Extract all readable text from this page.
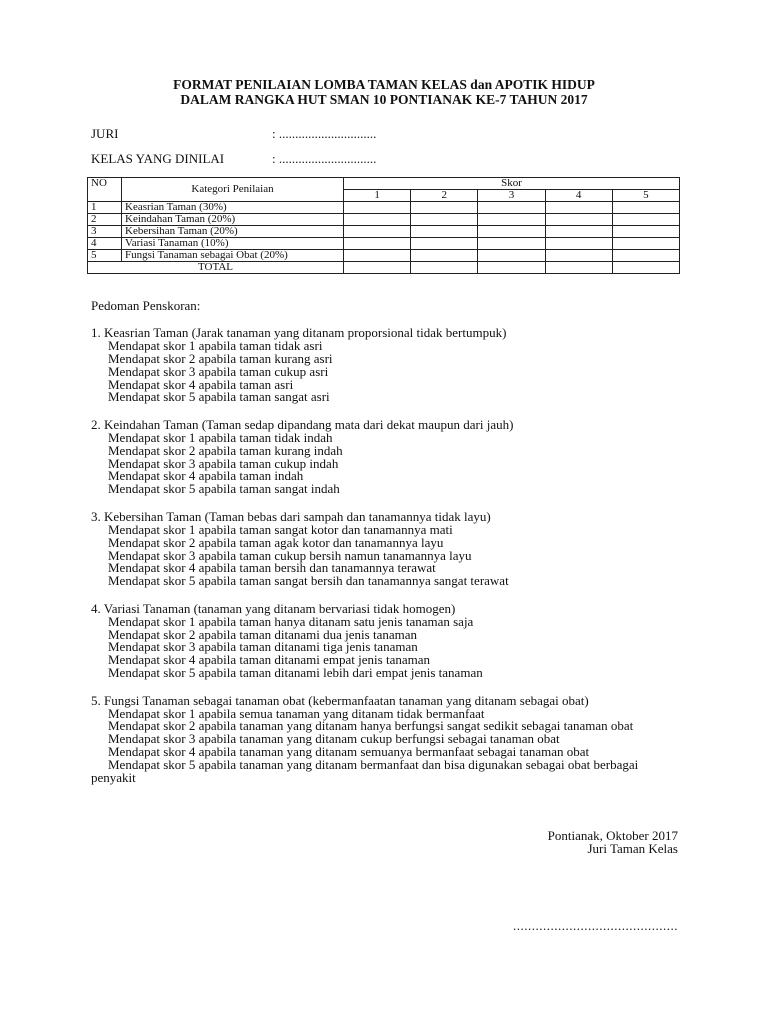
FORMAT PENILAIAN LOMBA TAMAN KELAS dan APOTIK HIDUP
DALAM RANGKA HUT SMAN 10 PONTIANAK KE-7 TAHUN 2017
JURI	: ..............................
KELAS YANG DINILAI	: ..............................
NO	Kategori Penilaian	Skor				
		1	2	3	4	5
1	Keasrian Taman (30%)					
2	Keindahan Taman (20%)					
3	Kebersihan Taman (20%)					
4	Variasi Tanaman (10%)					
5	Fungsi Tanaman sebagai Obat (20%)					
TOTAL						
Pedoman Penskoran:
1. Keasrian Taman (Jarak tanaman yang ditanam proporsional tidak bertumpuk)
Mendapat skor 1 apabila taman tidak asri
Mendapat skor 2 apabila taman kurang asri
Mendapat skor 3 apabila taman cukup asri
Mendapat skor 4 apabila taman asri
Mendapat skor 5 apabila taman sangat asri
2. Keindahan Taman (Taman sedap dipandang mata dari dekat maupun dari jauh)
Mendapat skor 1 apabila taman tidak indah
Mendapat skor 2 apabila taman kurang indah
Mendapat skor 3 apabila taman cukup indah
Mendapat skor 4 apabila taman indah
Mendapat skor 5 apabila taman sangat indah
3. Kebersihan Taman (Taman bebas dari sampah dan tanamannya tidak layu)
Mendapat skor 1 apabila taman sangat kotor dan tanamannya mati
Mendapat skor 2 apabila taman agak kotor dan tanamannya layu
Mendapat skor 3 apabila taman cukup bersih namun tanamannya layu
Mendapat skor 4 apabila taman bersih dan tanamannya terawat
Mendapat skor 5 apabila taman sangat bersih dan tanamannya sangat terawat
4. Variasi Tanaman (tanaman yang ditanam bervariasi tidak homogen)
Mendapat skor 1 apabila taman hanya ditanam satu jenis tanaman saja
Mendapat skor 2 apabila taman ditanami dua jenis tanaman
Mendapat skor 3 apabila taman ditanami tiga jenis tanaman
Mendapat skor 4 apabila taman ditanami empat jenis tanaman
Mendapat skor 5 apabila taman ditanami lebih dari empat jenis tanaman
5. Fungsi Tanaman sebagai tanaman obat (kebermanfaatan tanaman yang ditanam sebagai obat)
Mendapat skor 1 apabila semua tanaman yang ditanam tidak bermanfaat
Mendapat skor 2 apabila tanaman yang ditanam hanya berfungsi sangat sedikit sebagai tanaman obat
Mendapat skor 3 apabila tanaman yang ditanam cukup berfungsi sebagai tanaman obat
Mendapat skor 4 apabila tanaman yang ditanam semuanya bermanfaat sebagai tanaman obat
Mendapat skor 5 apabila tanaman yang ditanam bermanfaat dan bisa digunakan sebagai obat berbagai penyakit
Pontianak, Oktober 2017
Juri Taman Kelas
............................................
